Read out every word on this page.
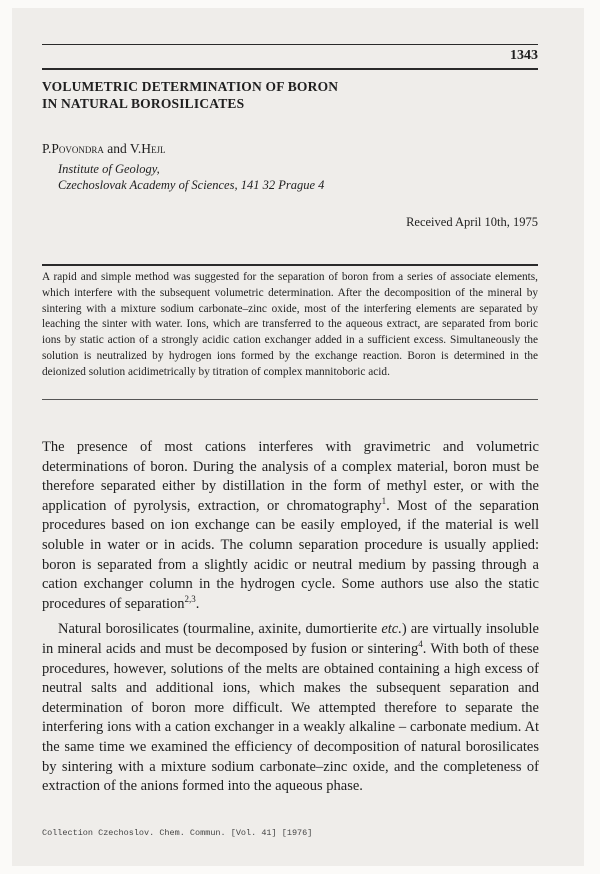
1343
VOLUMETRIC DETERMINATION OF BORON
IN NATURAL BOROSILICATES
P.Povondra and V.Hejl
Institute of Geology,
Czechoslovak Academy of Sciences, 141 32 Prague 4
Received April 10th, 1975

A rapid and simple method was suggested for the separation of boron from a series of associate elements, which interfere with the subsequent volumetric determination. After the decomposition of the mineral by sintering with a mixture sodium carbonate–zinc oxide, most of the interfering elements are separated by leaching the sinter with water. Ions, which are transferred to the aqueous extract, are separated from boric ions by static action of a strongly acidic cation exchanger added in a sufficient excess. Simultaneously the solution is neutralized by hydrogen ions formed by the exchange reaction. Boron is determined in the deionized solution acidimetrically by titration of complex mannitoboric acid.

The presence of most cations interferes with gravimetric and volumetric determinations of boron. During the analysis of a complex material, boron must be therefore separated either by distillation in the form of methyl ester, or with the application of pyrolysis, extraction, or chromatography$^1$. Most of the separation procedures based on ion exchange can be easily employed, if the material is well soluble in water or in acids. The column separation procedure is usually applied: boron is separated from a slightly acidic or neutral medium by passing through a cation exchanger column in the hydrogen cycle. Some authors use also the static procedures of separation$^{2,3}$.

Natural borosilicates (tourmaline, axinite, dumortierite etc.) are virtually insoluble in mineral acids and must be decomposed by fusion or sintering$^4$. With both of these procedures, however, solutions of the melts are obtained containing a high excess of neutral salts and additional ions, which makes the subsequent separation and determination of boron more difficult. We attempted therefore to separate the interfering ions with a cation exchanger in a weakly alkaline – carbonate medium. At the same time we examined the efficiency of decomposition of natural borosilicates by sintering with a mixture sodium carbonate–zinc oxide, and the completeness of extraction of the anions formed into the aqueous phase.

Collection Czechoslov. Chem. Commun. [Vol. 41] [1976]
